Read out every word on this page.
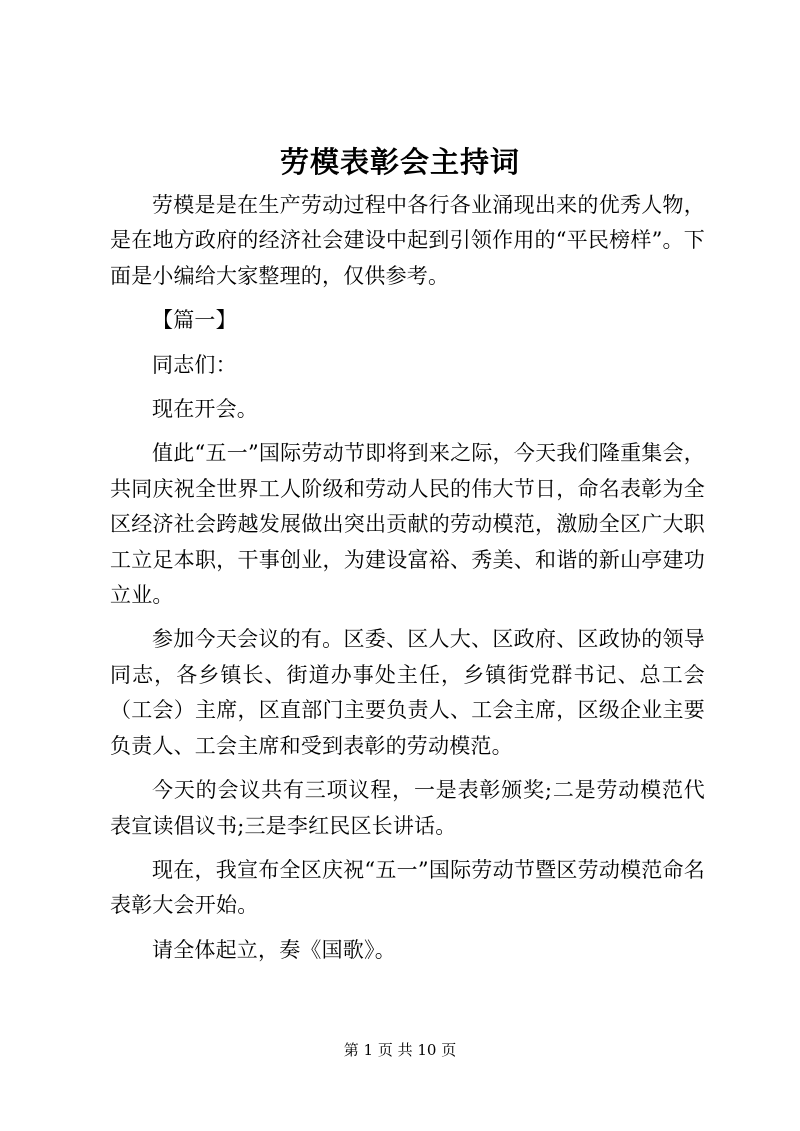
劳模表彰会主持词

劳模是是在生产劳动过程中各行各业涌现出来的优秀人物，是在地方政府的经济社会建设中起到引领作用的“平民榜样”。下面是小编给大家整理的，仅供参考。

【篇一】

同志们：

现在开会。

值此“五一”国际劳动节即将到来之际，今天我们隆重集会，共同庆祝全世界工人阶级和劳动人民的伟大节日，命名表彰为全区经济社会跨越发展做出突出贡献的劳动模范，激励全区广大职工立足本职，干事创业，为建设富裕、秀美、和谐的新山亭建功立业。

参加今天会议的有。区委、区人大、区政府、区政协的领导同志，各乡镇长、街道办事处主任，乡镇街党群书记、总工会（工会）主席，区直部门主要负责人、工会主席，区级企业主要负责人、工会主席和受到表彰的劳动模范。

今天的会议共有三项议程，一是表彰颁奖;二是劳动模范代表宣读倡议书;三是李红民区长讲话。

现在，我宣布全区庆祝“五一”国际劳动节暨区劳动模范命名表彰大会开始。

请全体起立，奏《国歌》。

第 1 页 共 10 页
